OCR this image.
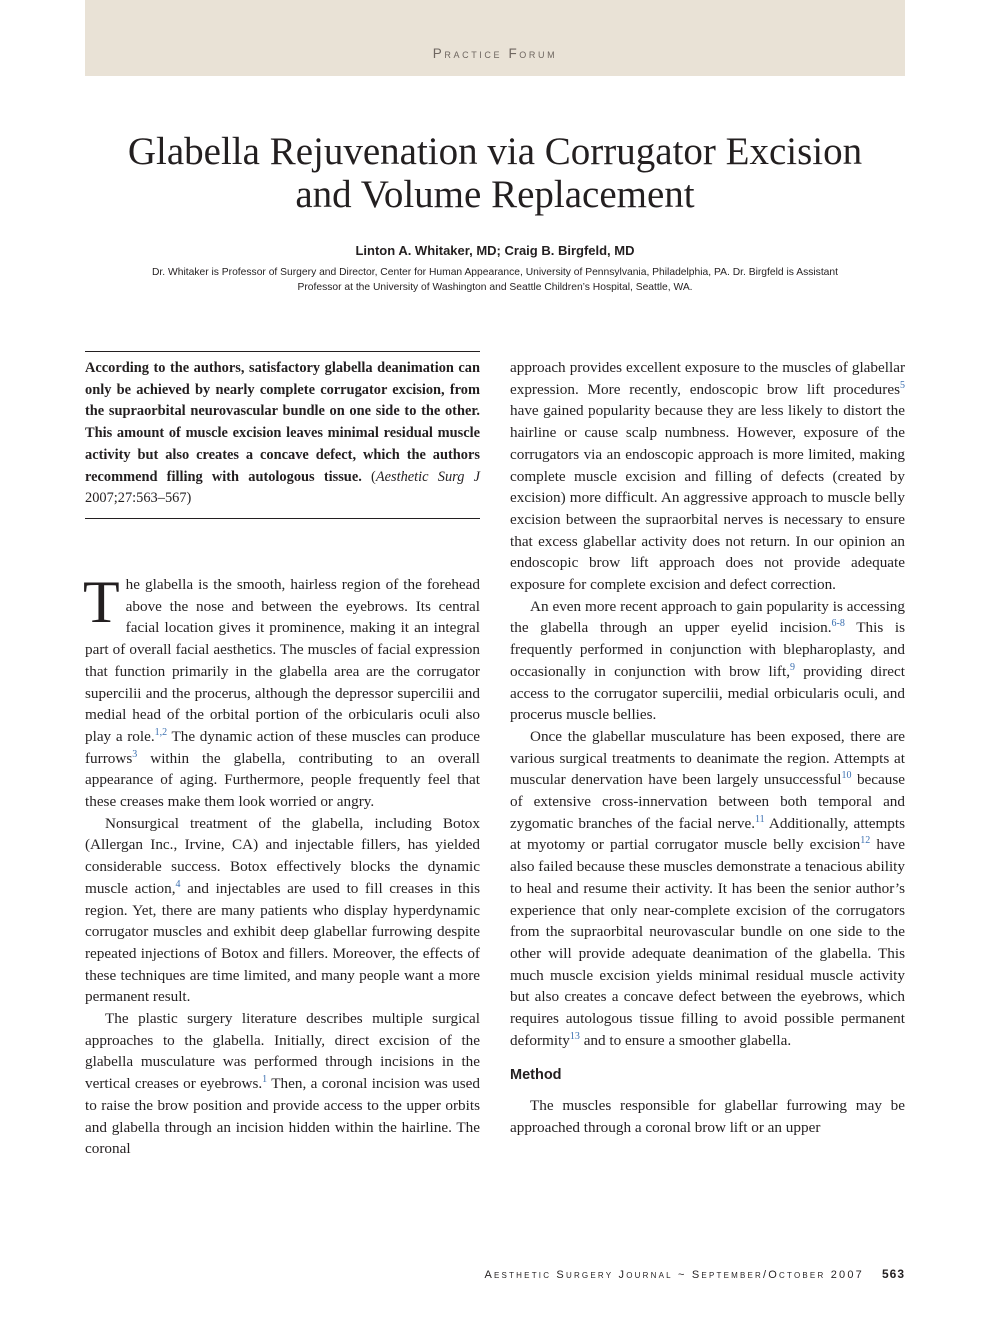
Practice Forum
Glabella Rejuvenation via Corrugator Excision
and Volume Replacement
Linton A. Whitaker, MD; Craig B. Birgfeld, MD
Dr. Whitaker is Professor of Surgery and Director, Center for Human Appearance, University of Pennsylvania, Philadelphia, PA. Dr. Birgfeld is Assistant
Professor at the University of Washington and Seattle Children’s Hospital, Seattle, WA.
According to the authors, satisfactory glabella deanimation can only be achieved by nearly complete corrugator excision, from the supraorbital neurovascular bundle on one side to the other. This amount of muscle excision leaves minimal residual muscle activity but also creates a concave defect, which the authors recommend filling with autologous tissue. (Aesthetic Surg J 2007;27:563–567)

The glabella is the smooth, hairless region of the forehead above the nose and between the eyebrows. Its central facial location gives it prominence, making it an integral part of overall facial aesthetics. The muscles of facial expression that function primarily in the glabella area are the corrugator supercilii and the procerus, although the depressor supercilii and medial head of the orbital portion of the orbicularis oculi also play a role.$^{1,2}$ The dynamic action of these muscles can produce furrows$^3$ within the glabella, contributing to an overall appearance of aging. Furthermore, people frequently feel that these creases make them look worried or angry.

Nonsurgical treatment of the glabella, including Botox (Allergan Inc., Irvine, CA) and injectable fillers, has yielded considerable success. Botox effectively blocks the dynamic muscle action,$^4$ and injectables are used to fill creases in this region. Yet, there are many patients who display hyperdynamic corrugator muscles and exhibit deep glabellar furrowing despite repeated injections of Botox and fillers. Moreover, the effects of these techniques are time limited, and many people want a more permanent result.

The plastic surgery literature describes multiple surgical approaches to the glabella. Initially, direct excision of the glabella musculature was performed through incisions in the vertical creases or eyebrows.$^1$ Then, a coronal incision was used to raise the brow position and provide access to the upper orbits and glabella through an incision hidden within the hairline. The coronal

approach provides excellent exposure to the muscles of glabellar expression. More recently, endoscopic brow lift procedures$^5$ have gained popularity because they are less likely to distort the hairline or cause scalp numbness. However, exposure of the corrugators via an endoscopic approach is more limited, making complete muscle excision and filling of defects (created by excision) more difficult. An aggressive approach to muscle belly excision between the supraorbital nerves is necessary to ensure that excess glabellar activity does not return. In our opinion an endoscopic brow lift approach does not provide adequate exposure for complete excision and defect correction.

An even more recent approach to gain popularity is accessing the glabella through an upper eyelid incision.$^{6-8}$ This is frequently performed in conjunction with blepharoplasty, and occasionally in conjunction with brow lift,$^9$ providing direct access to the corrugator supercilii, medial orbicularis oculi, and procerus muscle bellies.

Once the glabellar musculature has been exposed, there are various surgical treatments to deanimate the region. Attempts at muscular denervation have been largely unsuccessful$^{10}$ because of extensive cross-innervation between both temporal and zygomatic branches of the facial nerve.$^{11}$ Additionally, attempts at myotomy or partial corrugator muscle belly excision$^{12}$ have also failed because these muscles demonstrate a tenacious ability to heal and resume their activity. It has been the senior author’s experience that only near-complete excision of the corrugators from the supraorbital neurovascular bundle on one side to the other will provide adequate deanimation of the glabella. This much muscle excision yields minimal residual muscle activity but also creates a concave defect between the eyebrows, which requires autologous tissue filling to avoid possible permanent deformity$^{13}$ and to ensure a smoother glabella.

Method

The muscles responsible for glabellar furrowing may be approached through a coronal brow lift or an upper

Aesthetic Surgery Journal ~ September/October 2007 563
